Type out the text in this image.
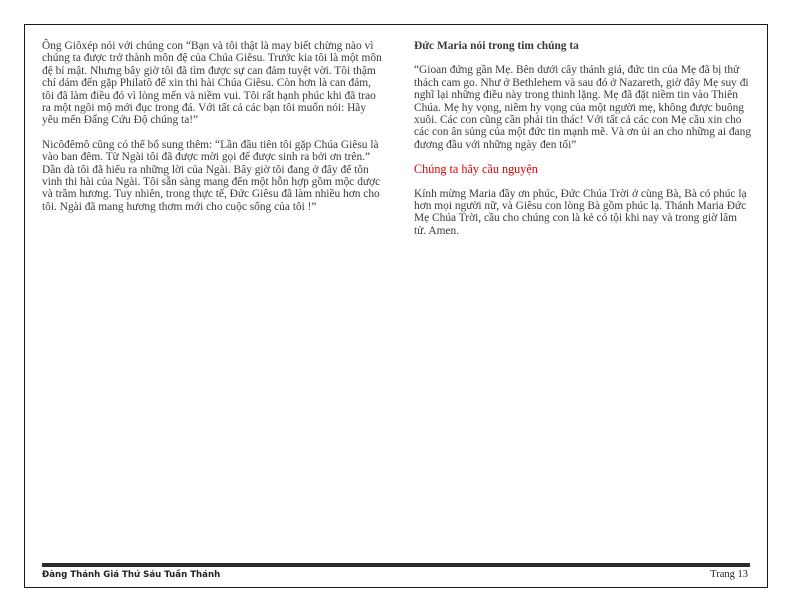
Ông Giôxép nói với chúng con “Bạn và tôi thật là may biết chừng nào vì chúng ta được trở thành môn đệ của Chúa Giêsu. Trước kia tôi là một môn đệ bí mật. Nhưng bây giờ tôi đã tìm được sự can đảm tuyệt vời. Tôi thậm chí dám đến gặp Philatô để xin thi hài Chúa Giêsu. Còn hơn là can đảm, tôi đã làm điều đó vì lòng mến và niềm vui. Tôi rất hạnh phúc khi đã trao ra một ngôi mộ mới đục trong đá. Với tất cả các bạn tôi muốn nói: Hãy yêu mến Đấng Cứu Độ chúng ta!”

Nicôđêmô cũng có thể bổ sung thêm: “Lần đầu tiên tôi gặp Chúa Giêsu là vào ban đêm. Từ Ngài tôi đã được mời gọi để được sinh ra bởi ơn trên.” Dần dà tôi đã hiểu ra những lời của Ngài. Bây giờ tôi đang ở đây để tôn vinh thi hài của Ngài. Tôi sẵn sàng mang đến một hỗn hợp gồm mộc dược và trầm hương. Tuy nhiên, trong thực tế, Đức Giêsu đã làm nhiều hơn cho tôi. Ngài đã mang hương thơm mới cho cuộc sống của tôi !”

Đức Maria nói trong tim chúng ta

“Gioan đứng gần Mẹ. Bên dưới cây thánh giá, đức tin của Mẹ đã bị thử thách cam go. Như ở Bethlehem và sau đó ở Nazareth, giờ đây Mẹ suy đi nghĩ lại những điều này trong thinh lặng. Mẹ đã đặt niềm tin vào Thiên Chúa. Mẹ hy vọng, niềm hy vọng của một người mẹ, không được buông xuôi. Các con cũng cần phải tin thác! Với tất cả các con Mẹ cầu xin cho các con ân sủng của một đức tin mạnh mẽ. Và ơn ủi an cho những ai đang đương đầu với những ngày đen tối”

Chúng ta hãy cầu nguyện

Kính mừng Maria đầy ơn phúc, Đức Chúa Trời ở cùng Bà, Bà có phúc lạ hơn mọi người nữ, và Giêsu con lòng Bà gồm phúc lạ. Thánh Maria Đức Mẹ Chúa Trời, cầu cho chúng con là kẻ có tội khi nay và trong giờ lâm tử. Amen.

Đàng Thánh Giá Thứ Sáu Tuần Thánh	Trang 13
